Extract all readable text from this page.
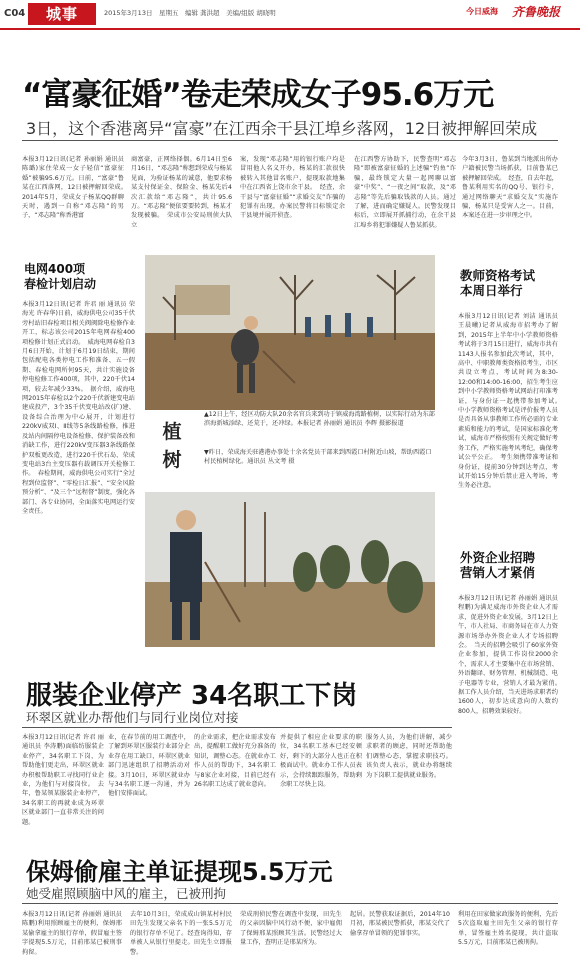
C04	城事	2015年3月13日　星期五　编辑 龚洪超　美编/组版 胡晓明	今日威海 齐鲁晚报
“富豪征婚”卷走荣成女子95.6万元
3日，这个香港离异“富豪”在江西余干县江埠乡落网，12日被押解回荣成
本报3月12日讯(记者 孙丽娟 通讯员 陈璐)家住荣成一女子轻信“富豪征婚”被骗95.6万元。日前，“富豪”鲁某在江西落网，12日被押解回荣成。　2014年5月，荣成女子杨某QQ群聊天时，遇到一自称“邓志隆”的男子，“邓志隆”称香港富
商富豪，正网络择偶。6月14日至6月16日，“邓志隆”称想到荣成与杨某见面，为验证杨某的诚意，他要求杨某支付保证金、保险金、杨某先后4次汇款给“邓志隆”，共计95.6万。“邓志隆”便依要要转到，杨某才发现被骗。　荣成市公安局刑侦大队立
案，发现“邓志隆”用的银行账户均是冒用他人名义开办，杨某的汇款很快被转入其他冒名账户，提现取款地集中在江西省上饶市余干县。　经查，余干县与“富豪征婚”“求婚交友”诈骗的犯罪有出现，办案民警将目标锁定余干县境并展开侦查。
在江西警方协助下，民警查明“邓志隆”即被富豪征婚的上述骗“钓鱼”诈骗，最终锁定大量一起网聊以富豪“中奖”、“一夜之间”取款，及“邓志隆”等先后骗取钱款的人员。通过了解，进而确定嫌疑人。民警发现目标后，立即展开抓捕行动，在余干县江埠乡将犯罪嫌疑人鲁某抓获。
今年3月3日，鲁某到当地派出所办户籍被民警当场抓获，目前鲁某已被押解回荣成。　经查，自去年起，鲁某利用实名的QQ号、银行卡，通过网络聊天“求婚交友”实施诈骗，杨某只是受害人之一。目前，本案还在进一步审理之中。
电网400项
春检计划启动
本报3月12日讯(记者 许君 丽 通讯员 荣海光 许春华)日前，威海供电公司35千伏旁村站旧春检项目相关阀阀除电检修作业开工，标志该公司2015年电网春检400项检修计划正式启动。　威海电网春检自3月6日开始，计划于6月19日结束，期间包括配电各类停电工作和准备、五一假期、春检电网所何95天，共计实施设备停电检修工作400项，其中，220千伏14项，较去年减少33%。　据介绍，威海电网2015年春检以2个220千伏新建变电站建成投产，3个35千伏变电站改(扩)建、设备综合治理为中心展开，计划进行220kV威双Ⅰ、Ⅱ线等5条线路检修，推进及站内间隔停电设备检修、保护装备改和消缺工作，进行220kV变压器3条线路保护双板更改造，进行220千伏石岛、荣成变电站3台主变压器有载调压开关检修工作。　春检期间，威海供电公司实行“全过程到位监督”、“零检日汇报”、“安全风险预分析”、“及三个“远程督”制度，强化各部门、各专业协同，全面落实电网运行安全责任。
植树
▲12日上午，经区功防大队20余名官兵来到功于镇威海湾路植树，以实际行动为东部滨海新城添绿，还荒于，还冲绿。本报记者 孙丽娟 通讯员 李辉 摄影报道
▼昨日，荣成海关驻港港办事处十余名党员干部来到西霞口村附近山坡，帮助西霞口村民植树绿化。通讯员 丛文考 摄
教师资格考试
本周日举行
本报3月12日讯(记者 刘洁 通讯员 王晨曦)记者从威海市招考办了解到，2015年上半年中小学教师资格考试将于3月15日进行，威海市共有1143人报名参加此次考试，其中，高中、中职教师类资格拟考生，市区共设立考点，考试时间为8:30-12:00和14:00-16:00，招生考生应到中小学教师资格考试网站打印准考证，与身份证一起携带参加考试。　中小学教师资格考试是评价报考人员是否具备从事教师工作所必需的专业素质和能力的考试，是国家标准化考试，威海市严格按照有关规定做好考务工作，严格实施考风考纪，确保考试公平公正。　考生须携带准考证和身份证，提前30分钟到达考点，考试开始15分钟后禁止进入考场，考生务必注意。
外资企业招聘
营销人才紧俏
本报3月12日讯(记者 孙丽娟 通讯员 程鹏)为满足威海市外资企业人才需求，促进外资企业发展，3月12日上午，市人社局、市商务局在市人力资源市场举办外资企业人才专场招聘会。　当天的招聘会吸引了60家外资企业参加，提供工作岗位2000余个，需求人才主要集中在市场营销、外语翻译、财务管理、机械制造、电子电器等专业，营销人才最为紧俏。　据工作人员介绍，当天进场求职者约1600人，初步达成意向的人数约800人，招聘效果较好。
服装企业停产 34名职工下岗
环翠区就业办帮他们与同行业岗位对接
本报3月12日讯(记者 许君 丽 通讯员 李涛鹏)面临纺服装企业停产，34名职工下岗，为帮助他们更走出，环翠区就业办积极帮助职工寻找同行业企业，为他们与对接岗位。　去年，鲁某领某服装企业停产，34名职工的再就业成为环翠区就业部门一直非常关注的问题。
业，在春节前的用工调查中，了解到环翠区服装行业部分企业存在用工缺口，环翠区就业部门迅速组织了招聘活动对接。3月10日，环翠区就业办与34名职工逐一沟通，并为他们安排面试。
的企业需求，把企业需求发布出，提醒职工做好充分准备的知识，调整心态。在就业办工作人员的帮助下，34名职工与8家企业对接，目前已经有26名职工达成了就业意向。
并提供了相应企业要求的职位，34名职工基本已经安顿好，剩下的大部分人也正在积极面试中。就业办工作人员表示，会持续跟踪服务，帮助剩余职工尽快上岗。
服务人员，为他们讲解，减少求职者的顾虑，同时还帮助他们调整心态，掌握求职技巧。该负责人表示，就业办将继续为下岗职工提供就业服务。
保姆偷雇主单证提现5.5万元
她受雇照顾脑中风的雇主，已被刑拘
本报3月12日讯(记者 孙丽娟 通讯员 陈鹏)利用照顾雇主的便利，保姆邢某偷拿雇主的银行存单，假冒雇主签字提现5.5万元，目前邢某已被刑事拘留。
去年10月3日，荣成成山镇某村村民田先生发现父亲名下的一张5.5万元的银行存单不见了。经查询得知，存单被人从银行里提走。田先生立即报警。
荣成刑侦民警在调查中发现，田先生的父亲因脑中风行动不便，家中雇佣了保姆邢某照顾其生活。民警经过大量工作，查明正是邢某所为。
起居。民警获取证据后，2014年10月初，邢某被民警抓获，邢某交代了偷拿存单冒领的犯罪事实。
利用在田家做家政服务的便利，先后5次盗取雇主田先生父亲的银行存单，冒签雇主姓名提现，共计盗取5.5万元，目前邢某已被刑拘。
